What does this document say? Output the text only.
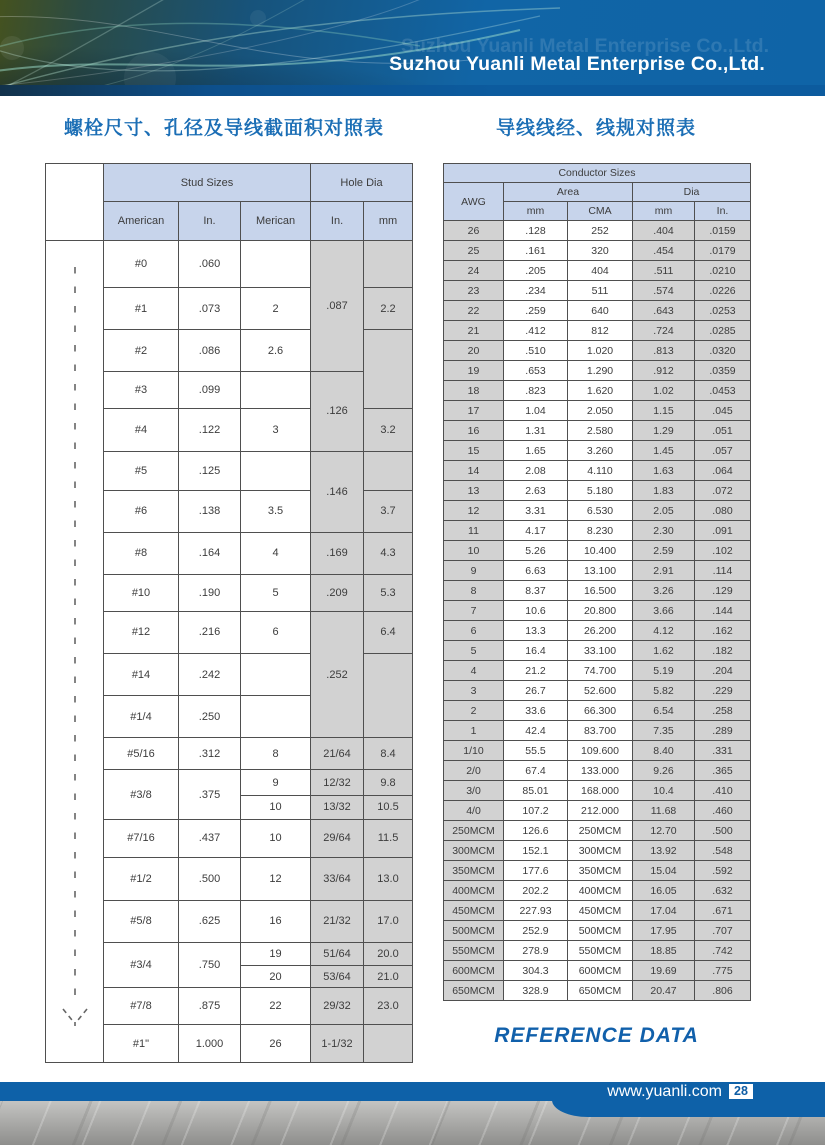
Suzhou Yuanli Metal Enterprise Co.,Ltd.
Suzhou Yuanli Metal Enterprise Co.,Ltd.
螺栓尺寸、孔径及导线截面积对照表	导线线经、线规对照表
	Stud Sizes			Hole Dia	
	American	In.	Merican	In.	mm
	#0	.060		.087	
	#1	.073	2		2.2
	#2	.086	2.6		
	#3	.099		.126	
	#4	.122	3		3.2
	#5	.125		.146	
	#6	.138	3.5		3.7
	#8	.164	4	.169	4.3
	#10	.190	5	.209	5.3
	#12	.216	6	.252	6.4
	#14	.242			
	#1/4	.250			
	#5/16	.312	8	21/64	8.4
	#3/8	.375	9	12/32	9.8
			10	13/32	10.5
	#7/16	.437	10	29/64	11.5
	#1/2	.500	12	33/64	13.0
	#5/8	.625	16	21/32	17.0
	#3/4	.750	19	51/64	20.0
			20	53/64	21.0
	#7/8	.875	22	29/32	23.0
	#1"	1.000	26	1-1/32	
Conductor Sizes				
AWG	Area		Dia	
	mm	CMA	mm	In.
26	.128	252	.404	.0159
25	.161	320	.454	.0179
24	.205	404	.511	.0210
23	.234	511	.574	.0226
22	.259	640	.643	.0253
21	.412	812	.724	.0285
20	.510	1.020	.813	.0320
19	.653	1.290	.912	.0359
18	.823	1.620	1.02	.0453
17	1.04	2.050	1.15	.045
16	1.31	2.580	1.29	.051
15	1.65	3.260	1.45	.057
14	2.08	4.110	1.63	.064
13	2.63	5.180	1.83	.072
12	3.31	6.530	2.05	.080
11	4.17	8.230	2.30	.091
10	5.26	10.400	2.59	.102
9	6.63	13.100	2.91	.114
8	8.37	16.500	3.26	.129
7	10.6	20.800	3.66	.144
6	13.3	26.200	4.12	.162
5	16.4	33.100	1.62	.182
4	21.2	74.700	5.19	.204
3	26.7	52.600	5.82	.229
2	33.6	66.300	6.54	.258
1	42.4	83.700	7.35	.289
1/10	55.5	109.600	8.40	.331
2/0	67.4	133.000	9.26	.365
3/0	85.01	168.000	10.4	.410
4/0	107.2	212.000	11.68	.460
250MCM	126.6	250MCM	12.70	.500
300MCM	152.1	300MCM	13.92	.548
350MCM	177.6	350MCM	15.04	.592
400MCM	202.2	400MCM	16.05	.632
450MCM	227.93	450MCM	17.04	.671
500MCM	252.9	500MCM	17.95	.707
550MCM	278.9	550MCM	18.85	.742
600MCM	304.3	600MCM	19.69	.775
650MCM	328.9	650MCM	20.47	.806
REFERENCE DATA
www.yuanli.com 28
